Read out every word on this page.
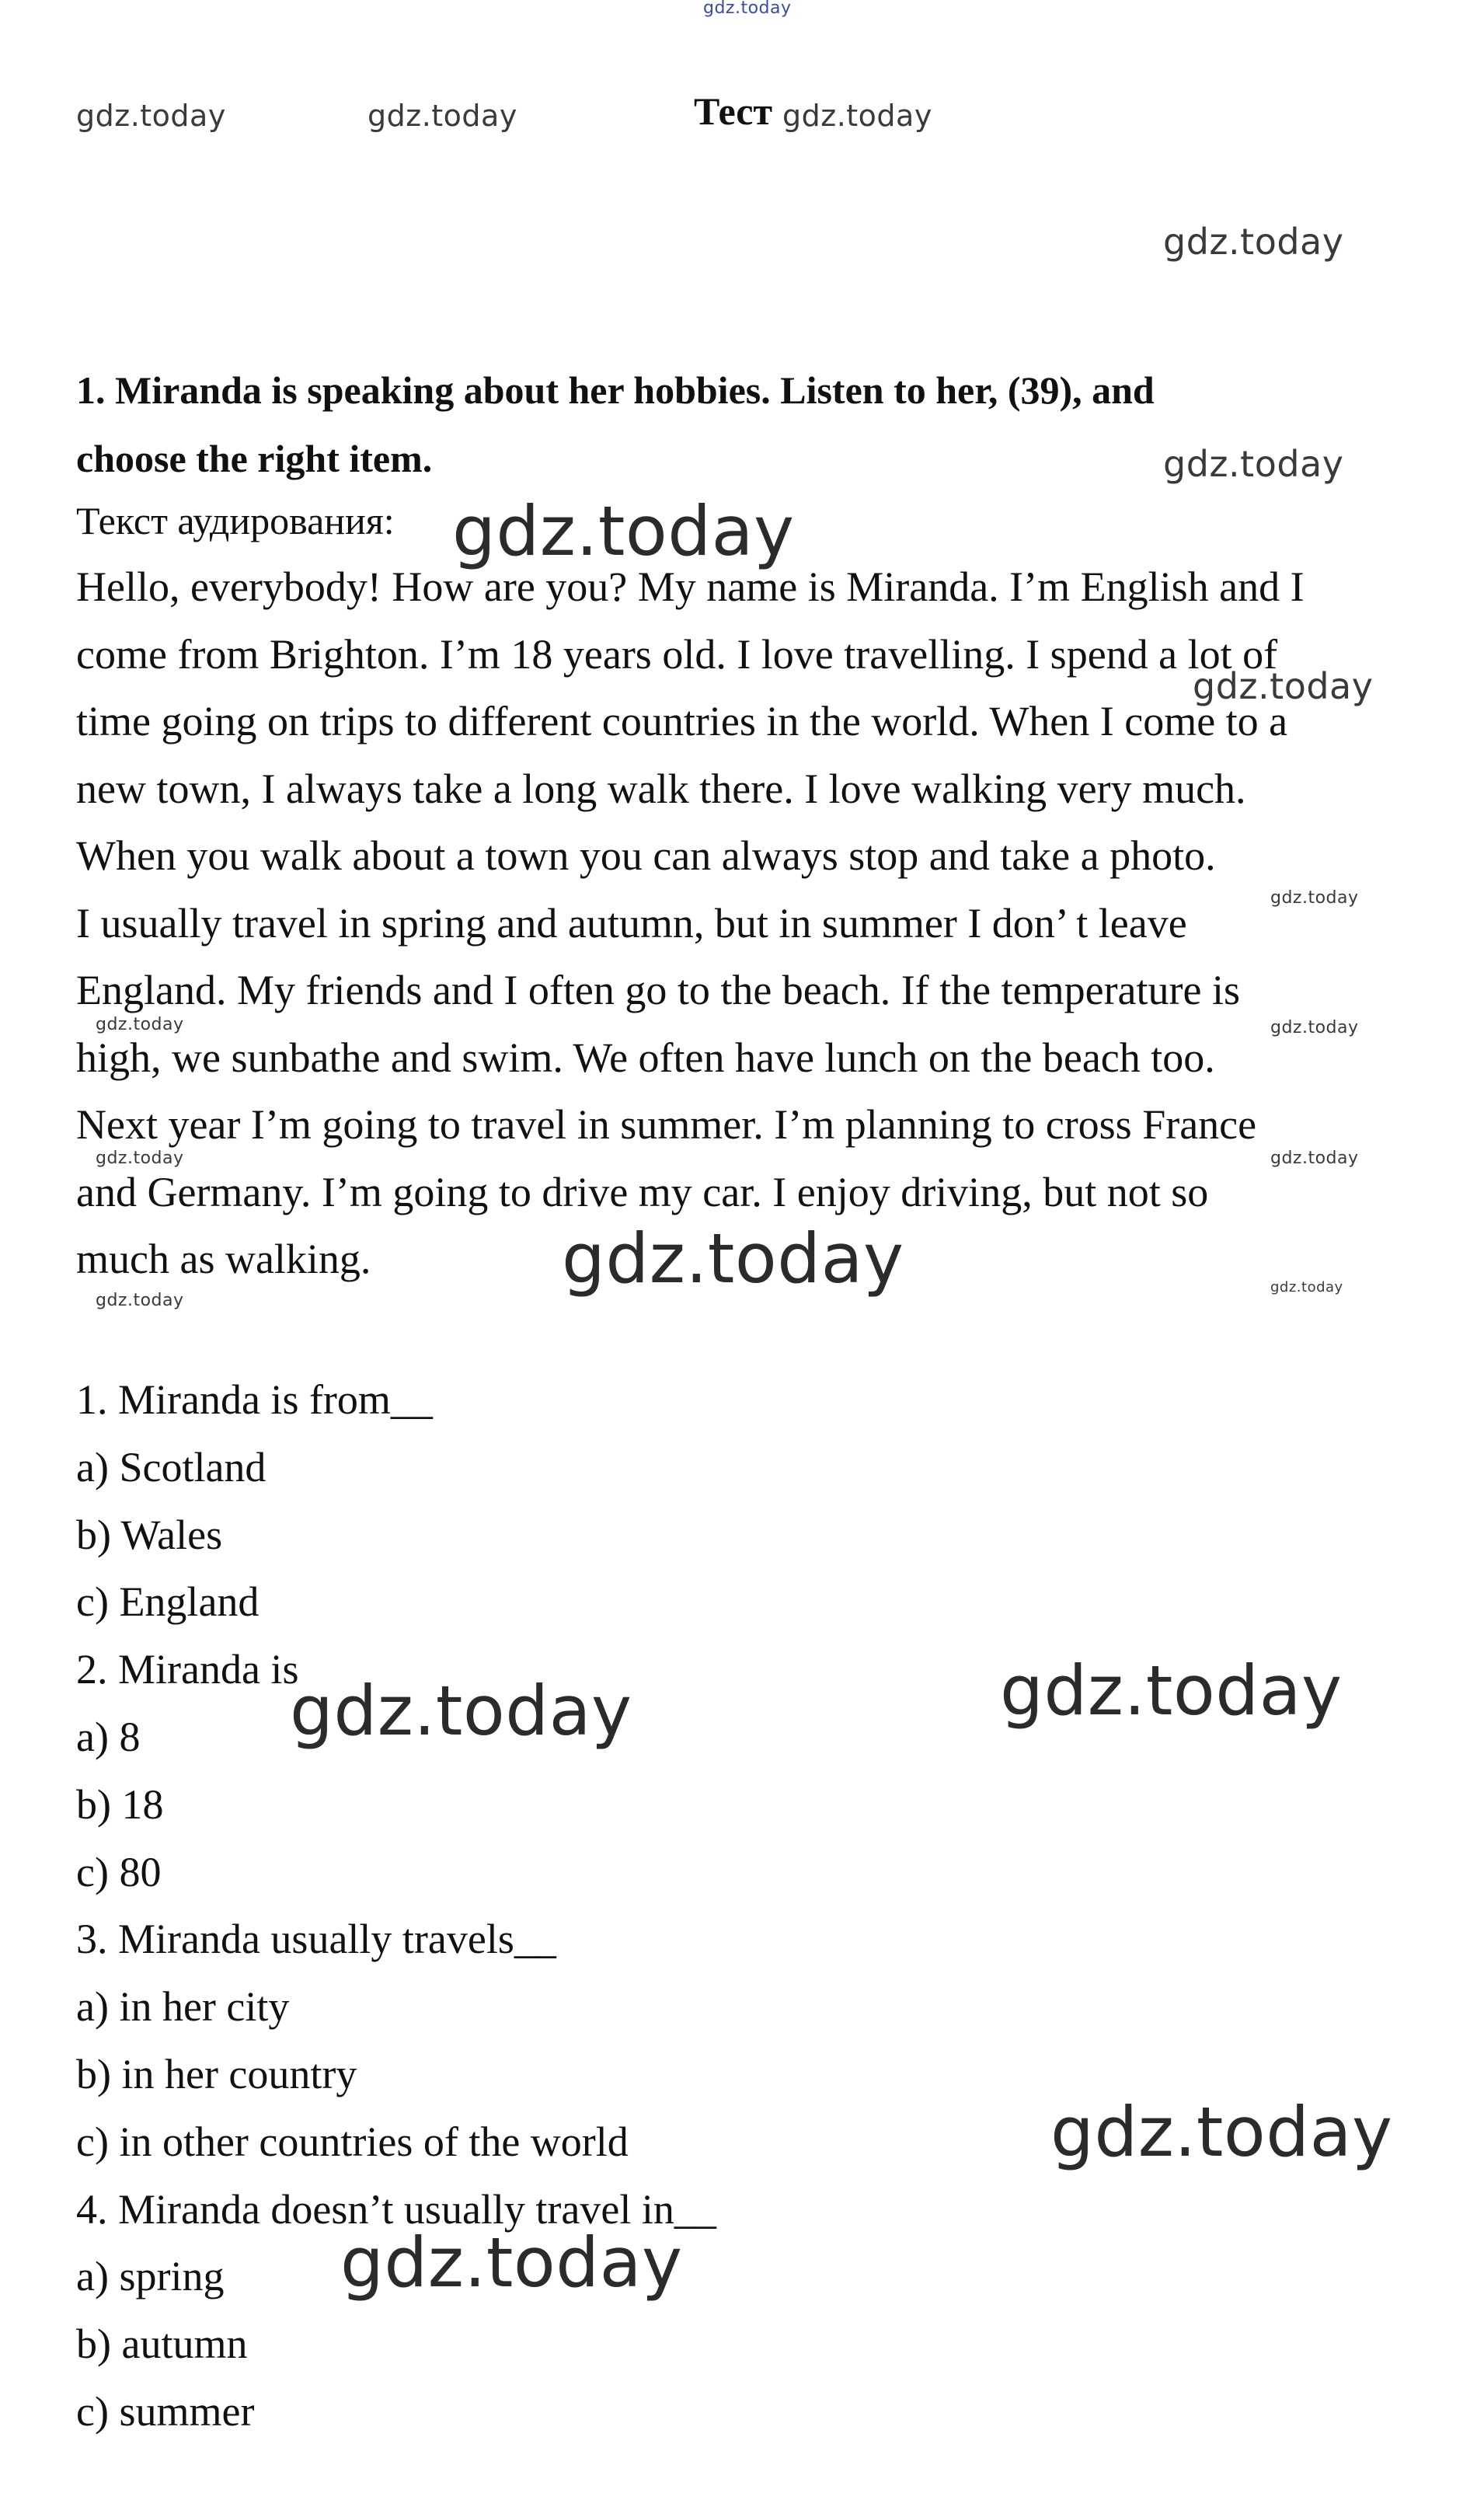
gdz.today
gdz.today	gdz.today	gdz.today
gdz.today
gdz.today
gdz.today
gdz.today
gdz.today
gdz.today	gdz.today
gdz.today	gdz.today
gdz.today
gdz.today
gdz.today
gdz.today
gdz.today
gdz.today
gdz.today
Тест
1. Miranda is speaking about her hobbies. Listen to her, (39), and
choose the right item.
Текст аудирования:
Hello, everybody! How are you? My name is Miranda. I’m English and I
come from Brighton. I’m 18 years old. I love travelling. I spend a lot of
time going on trips to different countries in the world. When I come to a
new town, I always take a long walk there. I love walking very much.
When you walk about a town you can always stop and take a photo.
I usually travel in spring and autumn, but in summer I don’ t leave
England. My friends and I often go to the beach. If the temperature is
high, we sunbathe and swim. We often have lunch on the beach too.
Next year I’m going to travel in summer. I’m planning to cross France
and Germany. I’m going to drive my car. I enjoy driving, but not so
much as walking.
1. Miranda is from__
a) Scotland
b) Wales
c) England
2. Miranda is
a) 8
b) 18
c) 80
3. Miranda usually travels__
a) in her city
b) in her country
c) in other countries of the world
4. Miranda doesn’t usually travel in__
a) spring
b) autumn
c) summer
